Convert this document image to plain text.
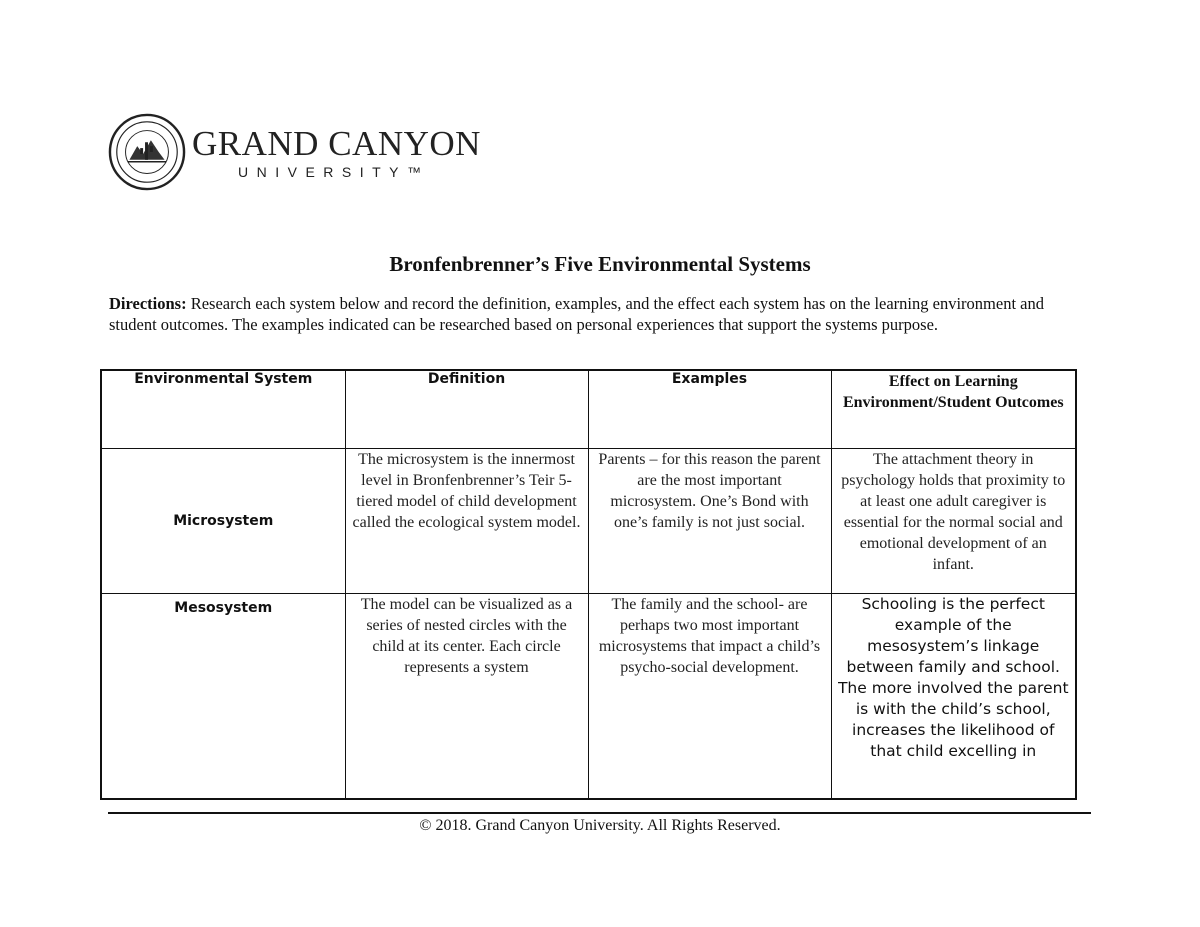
GRAND CANYON
UNIVERSITY™
Bronfenbrenner’s Five Environmental Systems
Directions: Research each system below and record the definition, examples, and the effect each system has on the learning environment and student outcomes. The examples indicated can be researched based on personal experiences that support the systems purpose.
Environmental System	Definition	Examples	Effect on Learning Environment/Student Outcomes
Microsystem	The microsystem is the innermost level in Bronfenbrenner’s Teir 5-tiered model of child development called the ecological system model.	Parents – for this reason the parent are the most important microsystem. One’s Bond with one’s family is not just social.	The attachment theory in psychology holds that proximity to at least one adult caregiver is essential for the normal social and emotional development of an infant.
Mesosystem	The model can be visualized as a series of nested circles with the child at its center. Each circle represents a system	The family and the school- are perhaps two most important microsystems that impact a child’s psycho-social development.	Schooling is the perfect example of the mesosystem’s linkage between family and school. The more involved the parent is with the child’s school, increases the likelihood of that child excelling in
© 2018. Grand Canyon University. All Rights Reserved.
